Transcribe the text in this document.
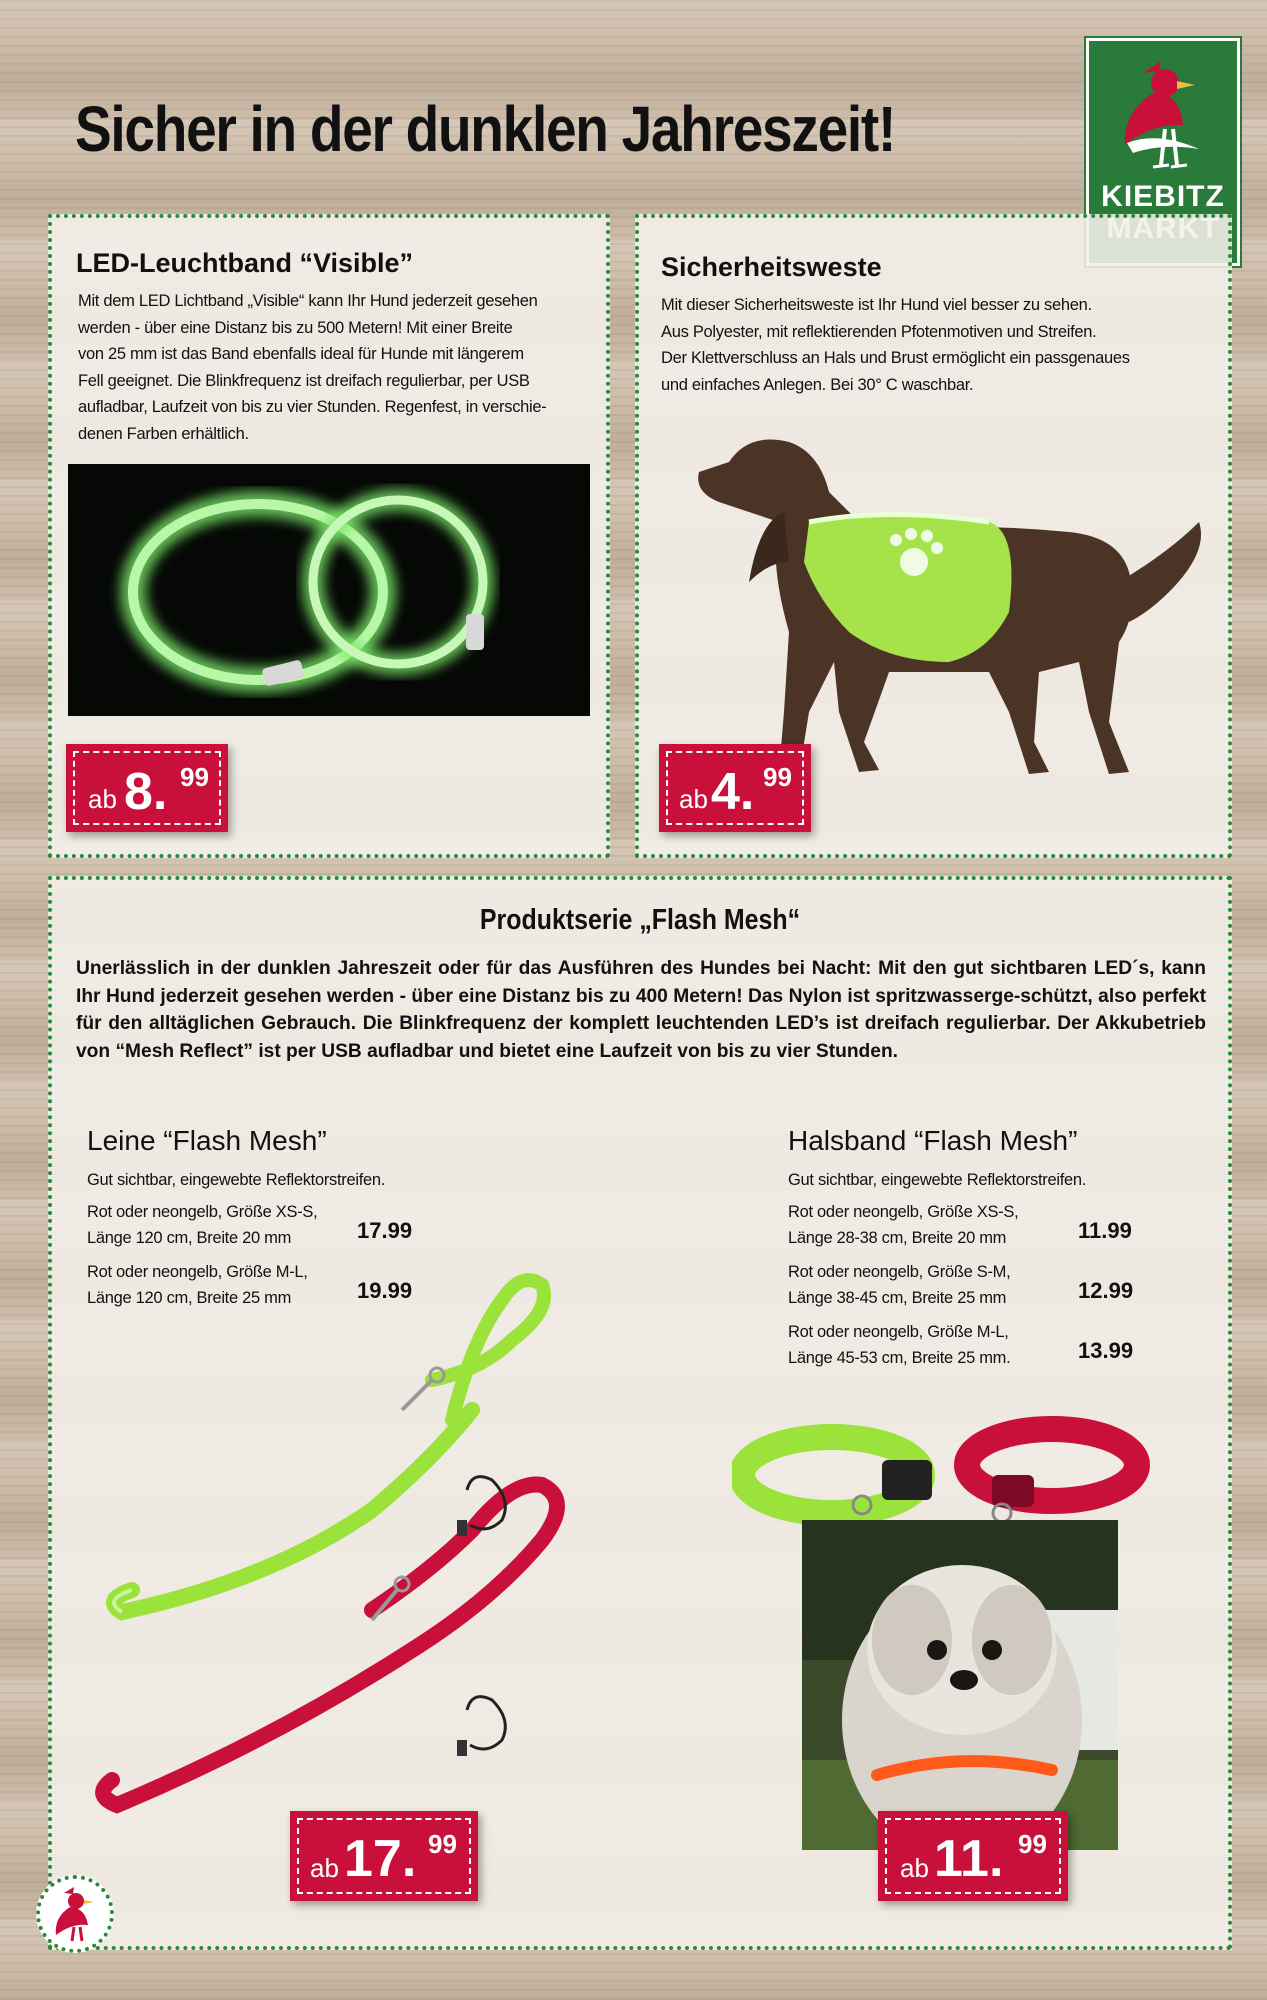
Sicher in der dunklen Jahreszeit!
KIEBITZ
LED-Leuchtband “Visible”
Mit dem LED Lichtband „Visible“ kann Ihr Hund jederzeit gesehen
werden - über eine Distanz bis zu 500 Metern! Mit einer Breite
von 25 mm ist das Band ebenfalls ideal für Hunde mit längerem
Fell geeignet. Die Blinkfrequenz ist dreifach regulierbar, per USB
aufladbar, Laufzeit von bis zu vier Stunden. Regenfest, in verschie-
denen Farben erhältlich.
ab 8. 99
Sicherheitsweste
Mit dieser Sicherheitsweste ist Ihr Hund viel besser zu sehen.
Aus Polyester, mit reflektierenden Pfotenmotiven und Streifen.
Der Klettverschluss an Hals und Brust ermöglicht ein passgenaues
und einfaches Anlegen. Bei 30° C waschbar.
ab 4. 99
Produktserie „Flash Mesh“

Unerlässlich in der dunklen Jahreszeit oder für das Ausführen des Hundes bei Nacht: Mit den gut sichtbaren LED´s, kann Ihr Hund jederzeit gesehen werden - über eine Distanz bis zu 400 Metern! Das Nylon ist spritzwasserge-schützt, also perfekt für den alltäglichen Gebrauch. Die Blinkfrequenz der komplett leuchtenden LED’s ist dreifach regulierbar. Der Akkubetrieb von “Mesh Reflect” ist per USB aufladbar und bietet eine Laufzeit von bis zu vier Stunden.

Leine “Flash Mesh”

Gut sichtbar, eingewebte Reflektorstreifen.

Rot oder neongelb, Größe XS-S,
Länge 120 cm, Breite 20 mm	17.99
Rot oder neongelb, Größe M-L,
Länge 120 cm, Breite 25 mm	19.99
ab 17. 99
Halsband “Flash Mesh”

Gut sichtbar, eingewebte Reflektorstreifen.

Rot oder neongelb, Größe XS-S,
Länge 28-38 cm, Breite 20 mm	11.99
Rot oder neongelb, Größe S-M,
Länge 38-45 cm, Breite 25 mm	12.99
Rot oder neongelb, Größe M-L,
Länge 45-53 cm, Breite 25 mm.	13.99
ab 11. 99
